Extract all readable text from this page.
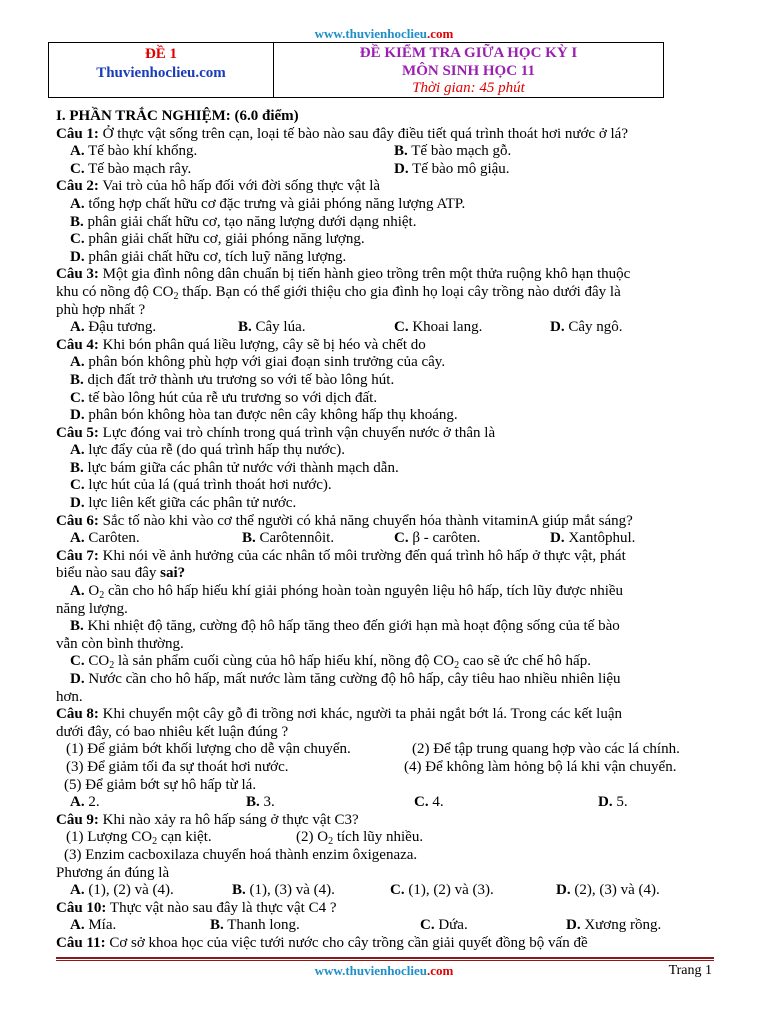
www.thuvienhoclieu.com
ĐỀ 1
Thuvienhoclieu.com
ĐỀ KIỂM TRA GIỮA HỌC KỲ I
MÔN SINH HỌC 11
Thời gian: 45 phút
I. PHẦN TRẮC NGHIỆM: (6.0 điểm)
Câu 1: Ở thực vật sống trên cạn, loại tế bào nào sau đây điều tiết quá trình thoát hơi nước ở lá?
A. Tế bào khí khổng.	B. Tế bào mạch gỗ.
C. Tế bào mạch rây.	D. Tế bào mô giậu.
Câu 2: Vai trò của hô hấp đối với đời sống thực vật là
A. tổng hợp chất hữu cơ đặc trưng và giải phóng năng lượng ATP.
B. phân giải chất hữu cơ, tạo năng lượng dưới dạng nhiệt.
C. phân giải chất hữu cơ, giải phóng năng lượng.
D. phân giải chất hữu cơ, tích luỹ năng lượng.
Câu 3: Một gia đình nông dân chuẩn bị tiến hành gieo trồng trên một thửa ruộng khô hạn thuộc
khu có nồng độ $CO_2$ thấp. Bạn có thể giới thiệu cho gia đình họ loại cây trồng nào dưới đây là
phù hợp nhất ?
A. Đậu tương.	B. Cây lúa.	C. Khoai lang.	D. Cây ngô.
Câu 4: Khi bón phân quá liều lượng, cây sẽ bị héo và chết do
A. phân bón không phù hợp với giai đoạn sinh trưởng của cây.
B. dịch đất trở thành ưu trương so với tế bào lông hút.
C. tế bào lông hút của rễ ưu trương so với dịch đất.
D. phân bón không hòa tan được nên cây không hấp thụ khoáng.
Câu 5: Lực đóng vai trò chính trong quá trình vận chuyển nước ở thân là
A. lực đẩy của rễ (do quá trình hấp thụ nước).
B. lực bám giữa các phân tử nước với thành mạch dẫn.
C. lực hút của lá (quá trình thoát hơi nước).
D. lực liên kết giữa các phân tử nước.
Câu 6: Sắc tố nào khi vào cơ thể người có khả năng chuyển hóa thành vitaminA giúp mắt sáng?
A. Carôten.	B. Carôtennôit.	C. β - carôten.	D. Xantôphul.
Câu 7: Khi nói về ảnh hưởng của các nhân tố môi trường đến quá trình hô hấp ở thực vật, phát
biểu nào sau đây sai?
A. $O_2$ cần cho hô hấp hiếu khí giải phóng hoàn toàn nguyên liệu hô hấp, tích lũy được nhiều
năng lượng.
B. Khi nhiệt độ tăng, cường độ hô hấp tăng theo đến giới hạn mà hoạt động sống của tế bào
vẫn còn bình thường.
C. $CO_2$ là sản phẩm cuối cùng của hô hấp hiếu khí, nồng độ $CO_2$ cao sẽ ức chế hô hấp.
D. Nước cần cho hô hấp, mất nước làm tăng cường độ hô hấp, cây tiêu hao nhiều nhiên liệu
hơn.
Câu 8: Khi chuyển một cây gỗ đi trồng nơi khác, người ta phải ngắt bớt lá. Trong các kết luận
dưới đây, có bao nhiêu kết luận đúng ?
(1) Để giảm bớt khối lượng cho dễ vận chuyển.	(2) Để tập trung quang hợp vào các lá chính.
(3) Để giảm tối đa sự thoát hơi nước.	(4) Để không làm hỏng bộ lá khi vận chuyển.
(5) Để giảm bớt sự hô hấp từ lá.
A. 2.	B. 3.	C. 4.	D. 5.
Câu 9: Khi nào xảy ra hô hấp sáng ở thực vật C3?
(1) Lượng $CO_2$ cạn kiệt.	(2) $O_2$ tích lũy nhiều.
(3) Enzim cacboxilaza chuyển hoá thành enzim ôxigenaza.
Phương án đúng là
A. (1), (2) và (4).	B. (1), (3) và (4).	C. (1), (2) và (3).	D. (2), (3) và (4).
Câu 10: Thực vật nào sau đây là thực vật C4 ?
A. Mía.	B. Thanh long.	C. Dứa.	D. Xương rồng.
Câu 11: Cơ sở khoa học của việc tưới nước cho cây trồng cần giải quyết đồng bộ vấn đề
www.thuvienhoclieu.com	Trang 1
